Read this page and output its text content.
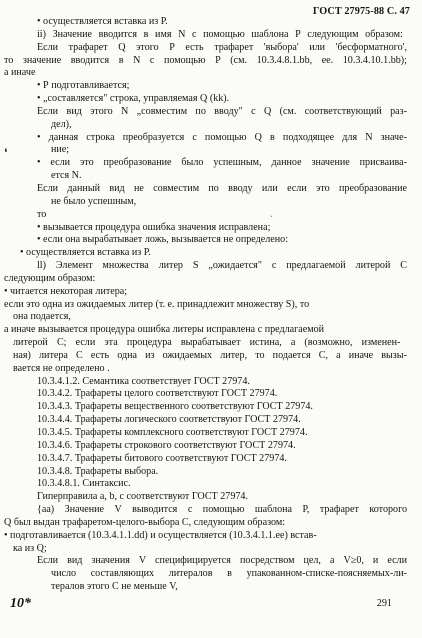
ГОСТ 27975-88 С. 47
❛
ˎ
• осуществляется вставка из Р.
ii) Значение вводится в имя N с помощью шаблона Р следующим образом:
Если трафарет Q этого Р есть трафарет 'выбора' или 'бесформатного',
то значение вводится в N с помощью Р (см. 10.3.4.8.1.bb, ее. 10.3.4.10.1.bb);
а иначе
• Р подготавливается;
• „составляется" строка, управляемая Q (kk).
Если вид этого N „совместим по вводу" с Q (см. соответствующий раз-
дел),
• данная строка преобразуется с помощью Q в подходящее для N значе-
ние;
• если это преобразование было успешным, данное значение присваива-
ется N.
Если данный вид не совместим по вводу или если это преобразование
не было успешным,
то
• вызывается процедура ошибка значения исправлена;
• если она вырабатывает ложь, вызывается не определено:
• осуществляется вставка из Р.
ll) Элемент множества литер S „ожидается" с предлагаемой литерой С
следующим образом:
• читается некоторая литера;
если это одна из ожидаемых литер (т. е. принадлежит множеству S), то
она подается,
а иначе вызывается процедура ошибка литеры исправлена с предлагаемой
литерой С; если эта процедура вырабатывает истина, а (возможно, изменен-
ная) литера С есть одна из ожидаемых литер, то подается С, а иначе вызы-
вается не определено .
10.3.4.1.2. Семантика соответствует ГОСТ 27974.
10.3.4.2. Трафареты целого соответствуют ГОСТ 27974.
10.3.4.3. Трафареты вещественного соответствуют ГОСТ 27974.
10.3.4.4. Трафареты логического соответствуют ГОСТ 27974.
10.3.4.5. Трафареты комплексного соответствуют ГОСТ 27974.
10.3.4.6. Трафареты строкового соответствуют ГОСТ 27974.
10.3.4.7. Трафареты битового соответствуют ГОСТ 27974.
10.3.4.8. Трафареты выбора.
10.3.4.8.1. Синтаксис.
Гиперправила a, b, c соответствуют ГОСТ 27974.
{аа) Значение V выводится с помощью шаблона Р, трафарет которого
Q был выдан трафаретом-целого-выбора С, следующим образом:
• подготавливается (10.3.4.1.1.dd) и осуществляется (10.3.4.1.1.ее) встав-
ка из Q;
Если вид значения V специфицируется посредством цел, а V≥0, и если
число составляющих литералов в упакованном-списке-поясняемых-ли-
тералов этого С не меньше V,
10*	291
